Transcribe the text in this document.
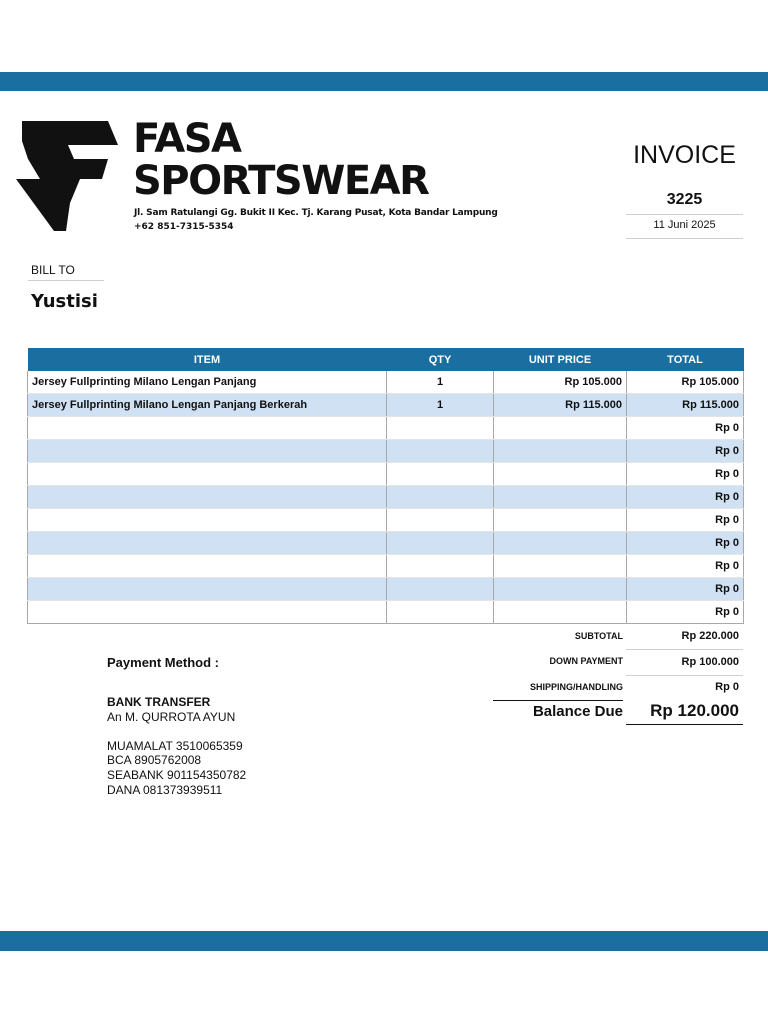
FASA
SPORTSWEAR
Jl. Sam Ratulangi Gg. Bukit II Kec. Tj. Karang Pusat, Kota Bandar Lampung
+62 851-7315-5354
INVOICE
3225
11 Juni 2025
BILL TO
Yustisi
ITEM	QTY	UNIT PRICE	TOTAL
Jersey Fullprinting Milano Lengan Panjang	1	Rp 105.000	Rp 105.000
Jersey Fullprinting Milano Lengan Panjang Berkerah	1	Rp 115.000	Rp 115.000
			Rp 0
			Rp 0
			Rp 0
			Rp 0
			Rp 0
			Rp 0
			Rp 0
			Rp 0
			Rp 0
SUBTOTAL	Rp 220.000
DOWN PAYMENT	Rp 100.000
SHIPPING/HANDLING	Rp 0
Balance Due	Rp 120.000
Payment Method :
BANK TRANSFER
An M. QURROTA AYUN
MUAMALAT 3510065359
BCA 8905762008
SEABANK 901154350782
DANA 081373939511
